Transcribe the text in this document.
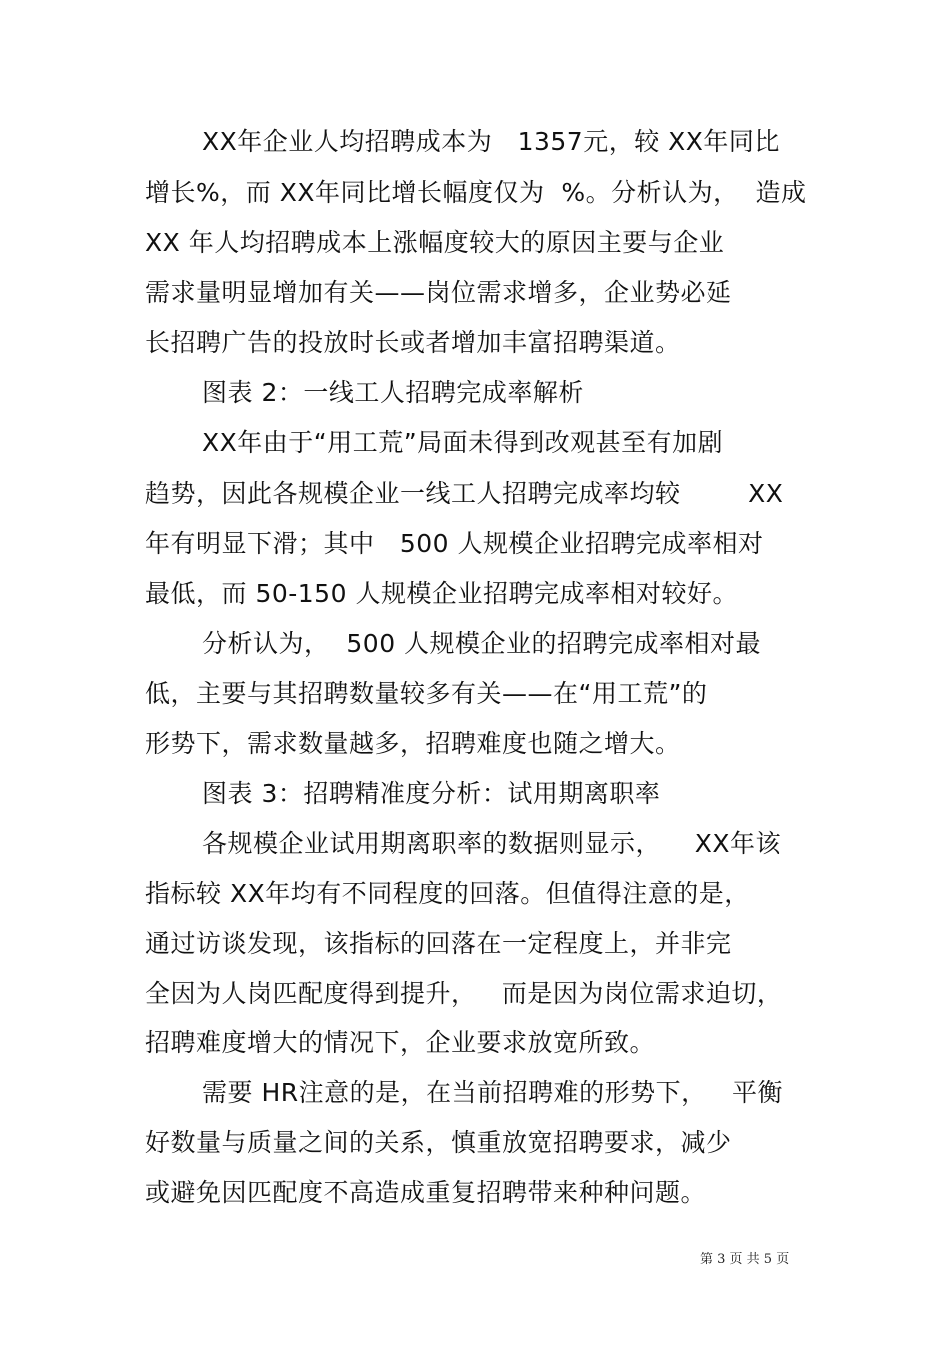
XX年企业人均招聘成本为   1357元，较 XX年同比
增长%，而 XX年同比增长幅度仅为  %。分析认为，  造成
XX 年人均招聘成本上涨幅度较大的原因主要与企业
需求量明显增加有关——岗位需求增多，企业势必延
长招聘广告的投放时长或者增加丰富招聘渠道。
图表 2：一线工人招聘完成率解析
XX年由于“用工荒”局面未得到改观甚至有加剧
趋势，因此各规模企业一线工人招聘完成率均较        XX
年有明显下滑；其中   500 人规模企业招聘完成率相对
最低，而 50-150 人规模企业招聘完成率相对较好。
分析认为，  500 人规模企业的招聘完成率相对最
低，主要与其招聘数量较多有关——在“用工荒”的
形势下，需求数量越多，招聘难度也随之增大。
图表 3：招聘精准度分析：试用期离职率
各规模企业试用期离职率的数据则显示，    XX年该
指标较 XX年均有不同程度的回落。但值得注意的是，
通过访谈发现，该指标的回落在一定程度上，并非完
全因为人岗匹配度得到提升，   而是因为岗位需求迫切，
招聘难度增大的情况下，企业要求放宽所致。
需要 HR注意的是，在当前招聘难的形势下，   平衡
好数量与质量之间的关系，慎重放宽招聘要求，减少
或避免因匹配度不高造成重复招聘带来种种问题。
第 3 页 共 5 页
